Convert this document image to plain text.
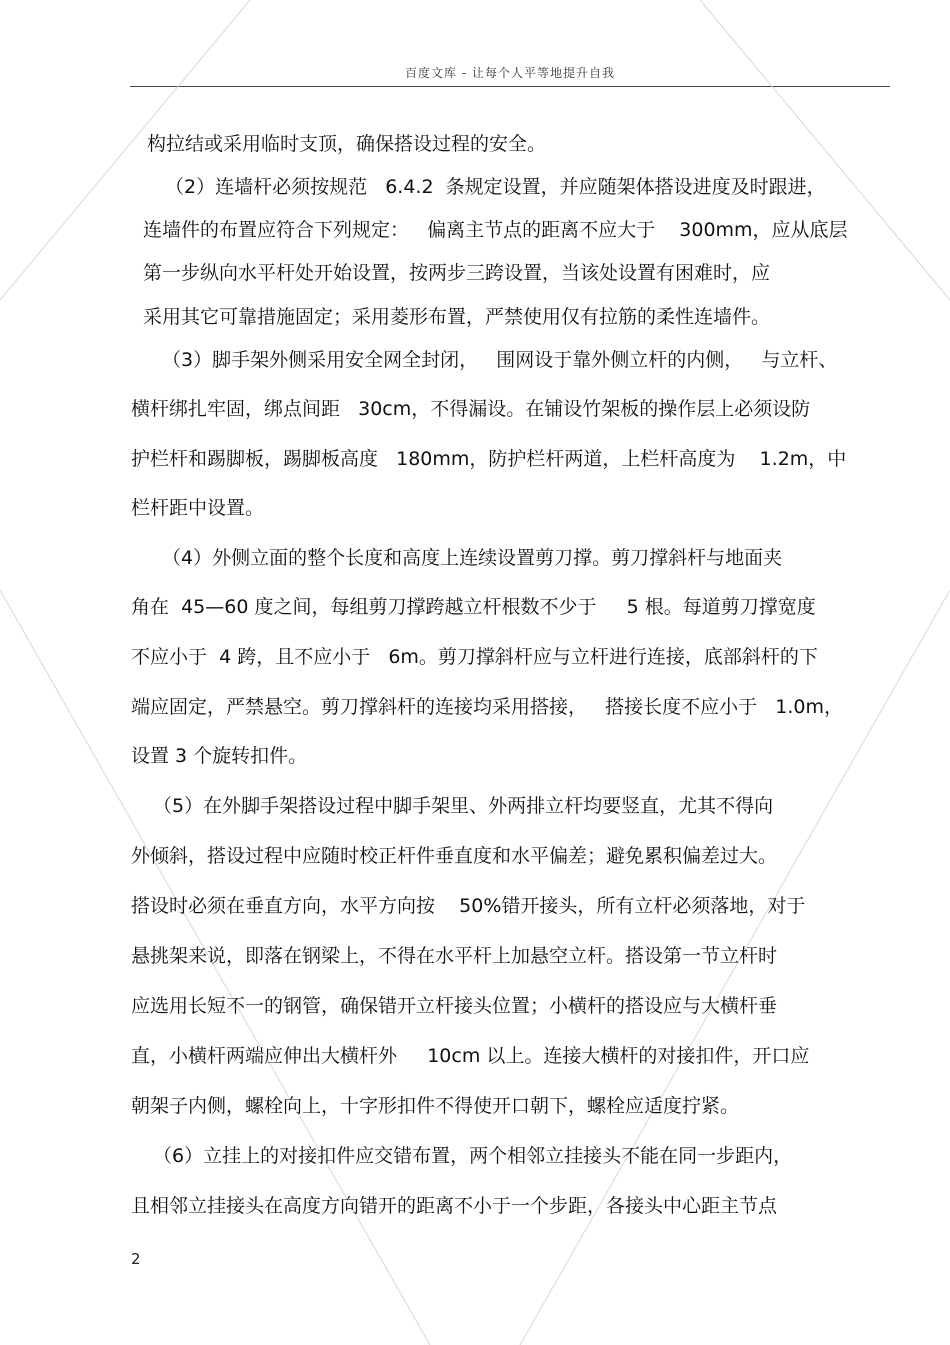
百度文库 - 让每个人平等地提升自我
构拉结或采用临时支顶，确保搭设过程的安全。
（2）连墙杆必须按规范   6.4.2  条规定设置，并应随架体搭设进度及时跟进，
连墙件的布置应符合下列规定：   偏离主节点的距离不应大于    300mm，应从底层
第一步纵向水平杆处开始设置，按两步三跨设置，当该处设置有困难时，应
采用其它可靠措施固定；采用菱形布置，严禁使用仅有拉筋的柔性连墙件。
（3）脚手架外侧采用安全网全封闭，   围网设于靠外侧立杆的内侧，   与立杆、
横杆绑扎牢固，绑点间距   30cm，不得漏设。在铺设竹架板的操作层上必须设防
护栏杆和踢脚板，踢脚板高度   180mm，防护栏杆两道，上栏杆高度为    1.2m，中
栏杆距中设置。
（4）外侧立面的整个长度和高度上连续设置剪刀撑。剪刀撑斜杆与地面夹
角在  45—60 度之间，每组剪刀撑跨越立杆根数不少于     5 根。每道剪刀撑宽度
不应小于  4 跨，且不应小于   6m。剪刀撑斜杆应与立杆进行连接，底部斜杆的下
端应固定，严禁悬空。剪刀撑斜杆的连接均采用搭接，   搭接长度不应小于   1.0m，
设置 3 个旋转扣件。
（5）在外脚手架搭设过程中脚手架里、外两排立杆均要竖直，尤其不得向
外倾斜，搭设过程中应随时校正杆件垂直度和水平偏差；避免累积偏差过大。
搭设时必须在垂直方向，水平方向按    50%错开接头，所有立杆必须落地，对于
悬挑架来说，即落在钢梁上，不得在水平杆上加悬空立杆。搭设第一节立杆时
应选用长短不一的钢管，确保错开立杆接头位置；小横杆的搭设应与大横杆垂
直，小横杆两端应伸出大横杆外     10cm 以上。连接大横杆的对接扣件，开口应
朝架子内侧，螺栓向上，十字形扣件不得使开口朝下，螺栓应适度拧紧。
（6）立挂上的对接扣件应交错布置，两个相邻立挂接头不能在同一步距内，
且相邻立挂接头在高度方向错开的距离不小于一个步距，各接头中心距主节点
2
